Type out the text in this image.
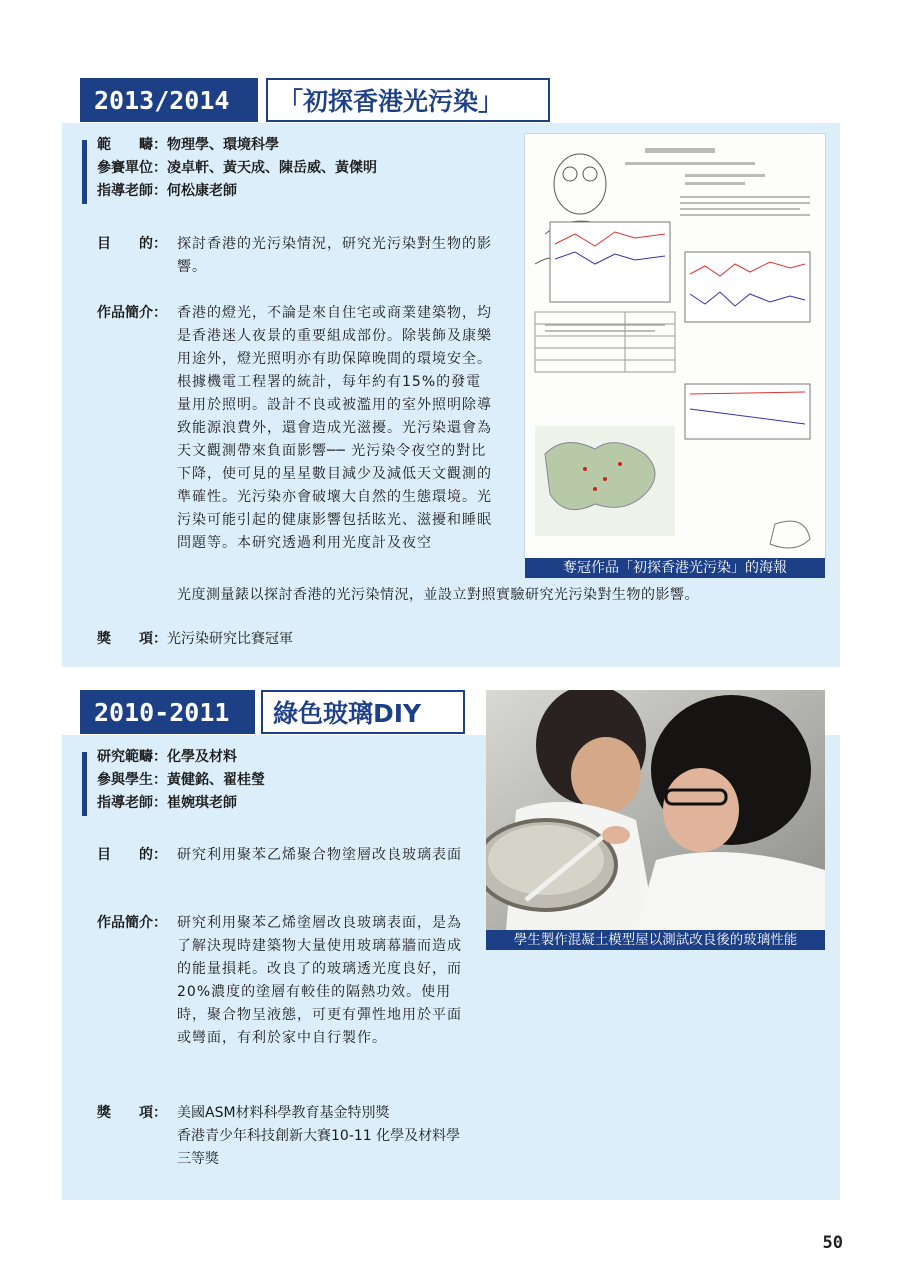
2013/2014	「初探香港光污染」
範　　疇：物理學、環境科學
參賽單位：凌卓軒、黃天成、陳岳威、黃傑明
指導老師：何松康老師
目　　的： 探討香港的光污染情況，研究光污染對生物的影響。
作品簡介： 香港的燈光，不論是來自住宅或商業建築物，均是香港迷人夜景的重要組成部份。除裝飾及康樂用途外，燈光照明亦有助保障晚間的環境安全。根據機電工程署的統計，每年約有15%的發電量用於照明。設計不良或被濫用的室外照明除導致能源浪費外，還會造成光滋擾。光污染還會為天文觀測帶來負面影響── 光污染令夜空的對比下降，使可見的星星數目減少及減低天文觀測的準確性。光污染亦會破壞大自然的生態環境。光污染可能引起的健康影響包括眩光、滋擾和睡眠問題等。本研究透過利用光度計及夜空
光度測量錶以探討香港的光污染情況，並設立對照實驗研究光污染對生物的影響。
獎　　項：光污染研究比賽冠軍
奪冠作品「初探香港光污染」的海報
2010-2011	綠色玻璃DIY
研究範疇：化學及材料
參與學生：黃健銘、翟桂瑩
指導老師：崔婉琪老師
目　　的： 研究利用聚苯乙烯聚合物塗層改良玻璃表面
作品簡介： 研究利用聚苯乙烯塗層改良玻璃表面，是為了解決現時建築物大量使用玻璃幕牆而造成的能量損耗。改良了的玻璃透光度良好，而20%濃度的塗層有較佳的隔熱功效。使用時，聚合物呈液態，可更有彈性地用於平面或彎面，有利於家中自行製作。
獎　　項： 美國ASM材料科學教育基金特別獎
香港青少年科技創新大賽10-11 化學及材料學 三等獎
學生製作混凝土模型屋以測試改良後的玻璃性能
50
